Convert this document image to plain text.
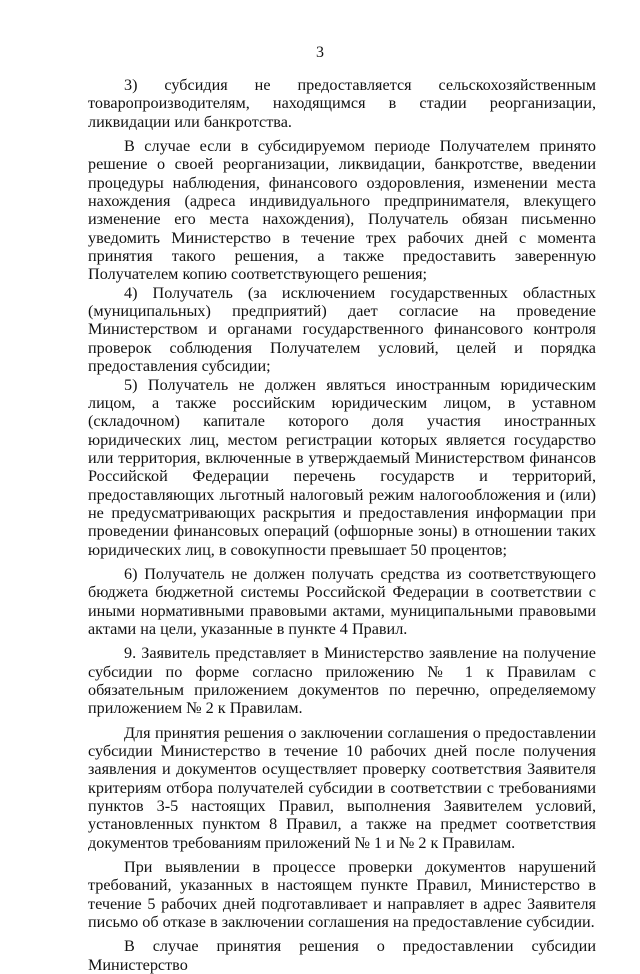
3

3) субсидия не предоставляется сельскохозяйственным товаропроизводителям, находящимся в стадии реорганизации, ликвидации или банкротства.

В случае если в субсидируемом периоде Получателем принято решение о своей реорганизации, ликвидации, банкротстве, введении процедуры наблюдения, финансового оздоровления, изменении места нахождения (адреса индивидуального предпринимателя, влекущего изменение его места нахождения), Получатель обязан письменно уведомить Министерство в течение трех рабочих дней с момента принятия такого решения, а также предоставить заверенную Получателем копию соответствующего решения;

4) Получатель (за исключением государственных областных (муниципальных) предприятий) дает согласие на проведение Министерством и органами государственного финансового контроля проверок соблюдения Получателем условий, целей и порядка предоставления субсидии;

5) Получатель не должен являться иностранным юридическим лицом, а также российским юридическим лицом, в уставном (складочном) капитале которого доля участия иностранных юридических лиц, местом регистрации которых является государство или территория, включенные в утверждаемый Министерством финансов Российской Федерации перечень государств и территорий, предоставляющих льготный налоговый режим налогообложения и (или) не предусматривающих раскрытия и предоставления информации при проведении финансовых операций (офшорные зоны) в отношении таких юридических лиц, в совокупности превышает 50 процентов;

6) Получатель не должен получать средства из соответствующего бюджета бюджетной системы Российской Федерации в соответствии с иными нормативными правовыми актами, муниципальными правовыми актами на цели, указанные в пункте 4 Правил.

9. Заявитель представляет в Министерство заявление на получение субсидии по форме согласно приложению № 1 к Правилам с обязательным приложением документов по перечню, определяемому приложением № 2 к Правилам.

Для принятия решения о заключении соглашения о предоставлении субсидии Министерство в течение 10 рабочих дней после получения заявления и документов осуществляет проверку соответствия Заявителя критериям отбора получателей субсидии в соответствии с требованиями пунктов 3-5 настоящих Правил, выполнения Заявителем условий, установленных пунктом 8 Правил, а также на предмет соответствия документов требованиям приложений № 1 и № 2 к Правилам.

При выявлении в процессе проверки документов нарушений требований, указанных в настоящем пункте Правил, Министерство в течение 5 рабочих дней подготавливает и направляет в адрес Заявителя письмо об отказе в заключении соглашения на предоставление субсидии.

В случае принятия решения о предоставлении субсидии Министерство
